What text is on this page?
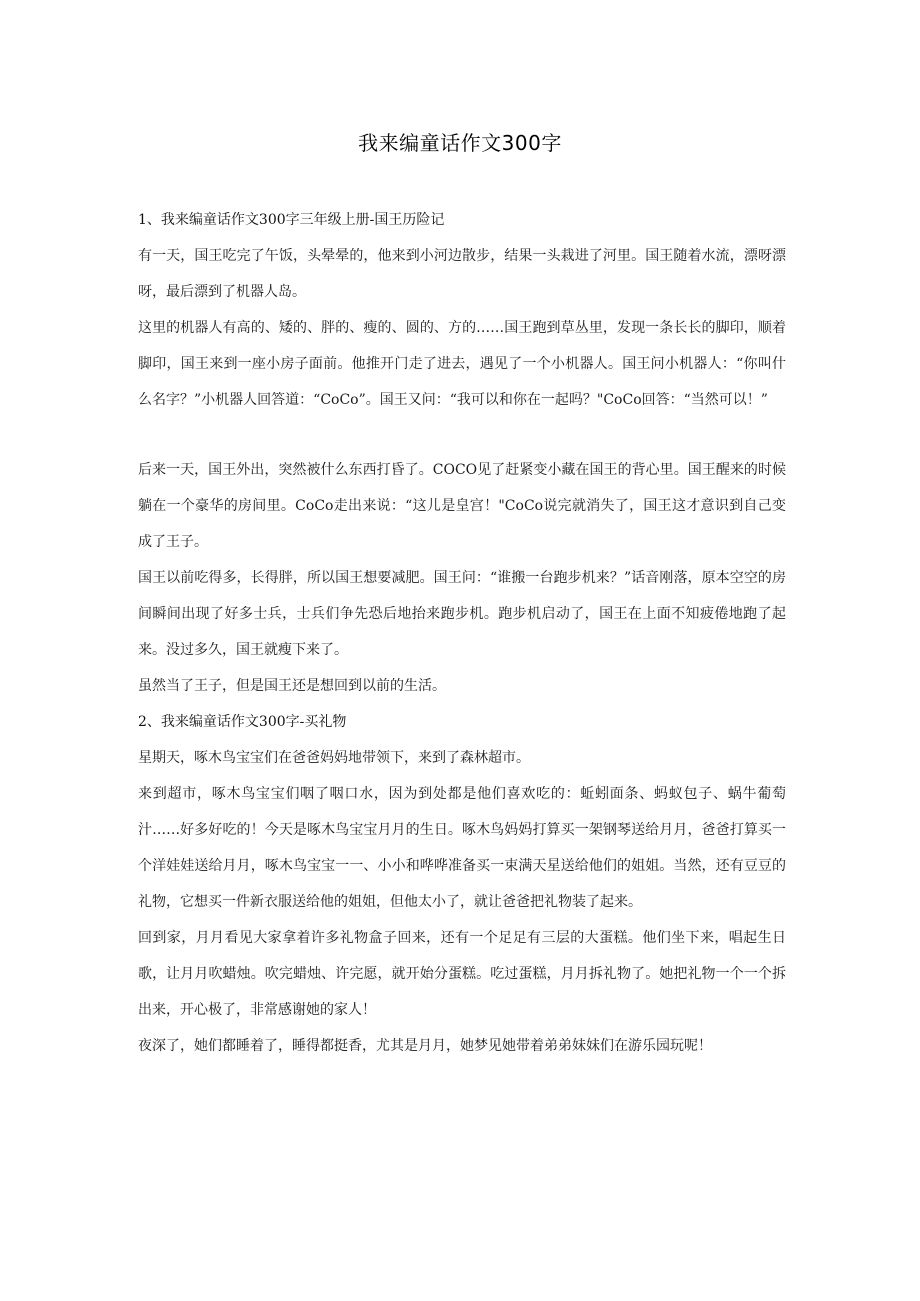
我来编童话作文300字

1、我来编童话作文300字三年级上册-国王历险记

有一天，国王吃完了午饭，头晕晕的，他来到小河边散步，结果一头栽进了河里。国王随着水流，漂呀漂呀，最后漂到了机器人岛。

这里的机器人有高的、矮的、胖的、瘦的、圆的、方的……国王跑到草丛里，发现一条长长的脚印，顺着脚印，国王来到一座小房子面前。他推开门走了进去，遇见了一个小机器人。国王问小机器人：“你叫什么名字？”小机器人回答道：“CoCo”。国王又问：“我可以和你在一起吗？"CoCo回答：“当然可以！”

后来一天，国王外出，突然被什么东西打昏了。COCO见了赶紧变小藏在国王的背心里。国王醒来的时候躺在一个豪华的房间里。CoCo走出来说：“这儿是皇宫！"CoCo说完就消失了，国王这才意识到自己变成了王子。

国王以前吃得多，长得胖，所以国王想要减肥。国王问：“谁搬一台跑步机来？”话音刚落，原本空空的房间瞬间出现了好多士兵，士兵们争先恐后地抬来跑步机。跑步机启动了，国王在上面不知疲倦地跑了起来。没过多久，国王就瘦下来了。

虽然当了王子，但是国王还是想回到以前的生活。

2、我来编童话作文300字-买礼物

星期天，啄木鸟宝宝们在爸爸妈妈地带领下，来到了森林超市。

来到超市，啄木鸟宝宝们咽了咽口水，因为到处都是他们喜欢吃的：蚯蚓面条、蚂蚁包子、蜗牛葡萄汁……好多好吃的！今天是啄木鸟宝宝月月的生日。啄木鸟妈妈打算买一架钢琴送给月月，爸爸打算买一个洋娃娃送给月月，啄木鸟宝宝一一、小小和哗哗准备买一束满天星送给他们的姐姐。当然，还有豆豆的礼物，它想买一件新衣服送给他的姐姐，但他太小了，就让爸爸把礼物装了起来。

回到家，月月看见大家拿着许多礼物盒子回来，还有一个足足有三层的大蛋糕。他们坐下来，唱起生日歌，让月月吹蜡烛。吹完蜡烛、许完愿，就开始分蛋糕。吃过蛋糕，月月拆礼物了。她把礼物一个一个拆出来，开心极了，非常感谢她的家人！

夜深了，她们都睡着了，睡得都挺香，尤其是月月，她梦见她带着弟弟妹妹们在游乐园玩呢！
